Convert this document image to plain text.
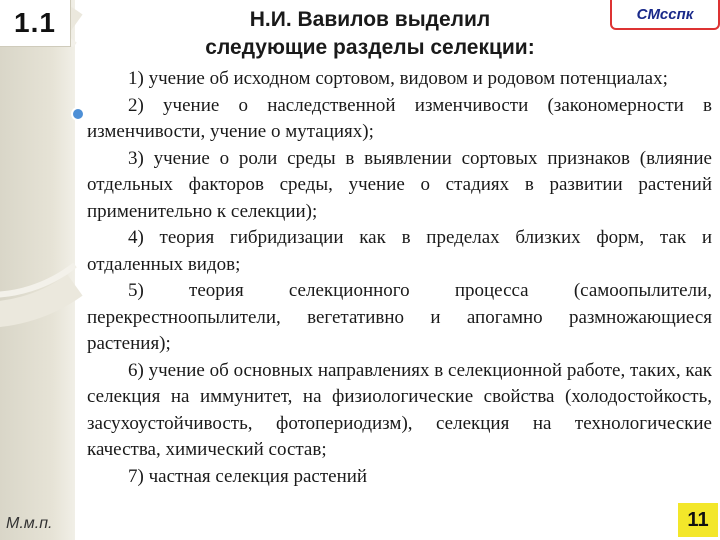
1.1	Н.И. Вавилов выделил
следующие разделы селекции:
СМсспк

1) учение об исходном сортовом, видовом и родовом потенциалах;

2) учение о наследственной изменчивости (закономерности в изменчивости, учение о мутациях);

3) учение о роли среды в выявлении сортовых признаков (влияние отдельных факторов среды, учение о стадиях в развитии растений применительно к селекции);

4) теория гибридизации как в пределах близких форм, так и отдаленных видов;

5) теория селекционного процесса (самоопылители, перекрестноопылители, вегетативно и апогамно размножающиеся растения);

6) учение об основных направлениях в селекционной работе, таких, как селекция на иммунитет, на физиологические свойства (холодостойкость, засухоустойчивость, фотопериодизм), селекция на технологические качества, химический состав;

7) частная селекция растений

М.м.п.	11
